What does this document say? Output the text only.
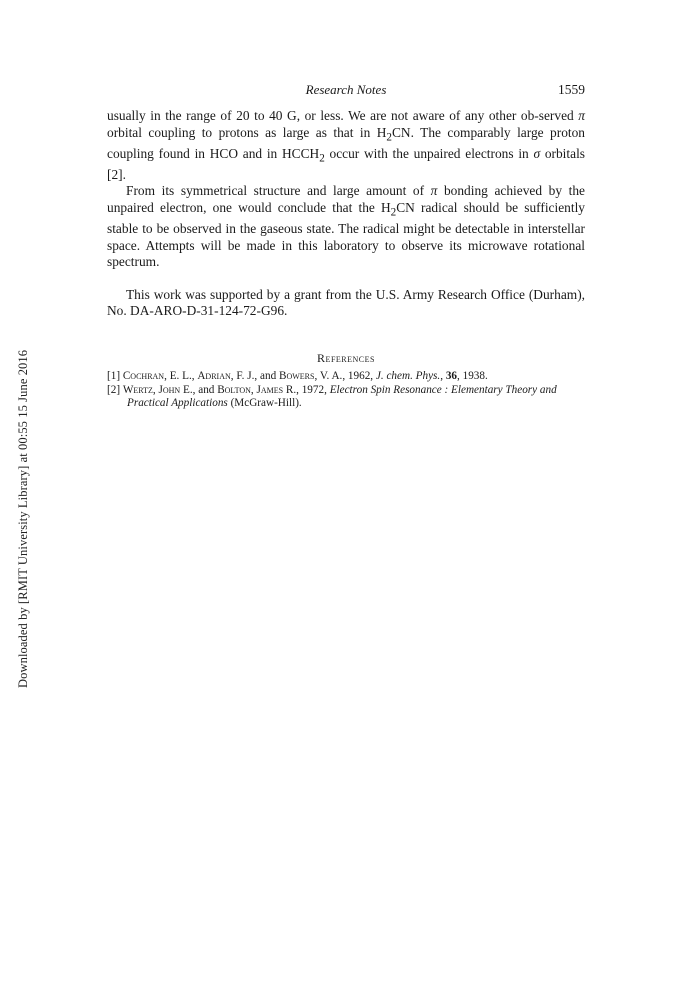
Research Notes	1559

usually in the range of 20 to 40 G, or less. We are not aware of any other ob-served π orbital coupling to protons as large as that in $H_2CN$. The comparably large proton coupling found in HCO and in $HCCH_2$ occur with the unpaired electrons in σ orbitals [2].

From its symmetrical structure and large amount of π bonding achieved by the unpaired electron, one would conclude that the $H_2CN$ radical should be sufficiently stable to be observed in the gaseous state. The radical might be detectable in interstellar space. Attempts will be made in this laboratory to observe its microwave rotational spectrum.

This work was supported by a grant from the U.S. Army Research Office (Durham), No. DA-ARO-D-31-124-72-G96.

References
[1] Cochran, E. L., Adrian, F. J., and Bowers, V. A., 1962, J. chem. Phys., 36, 1938.
[2] Wertz, John E., and Bolton, James R., 1972, Electron Spin Resonance : Elementary Theory and Practical Applications (McGraw-Hill).
Downloaded by [RMIT University Library] at 00:55 15 June 2016
